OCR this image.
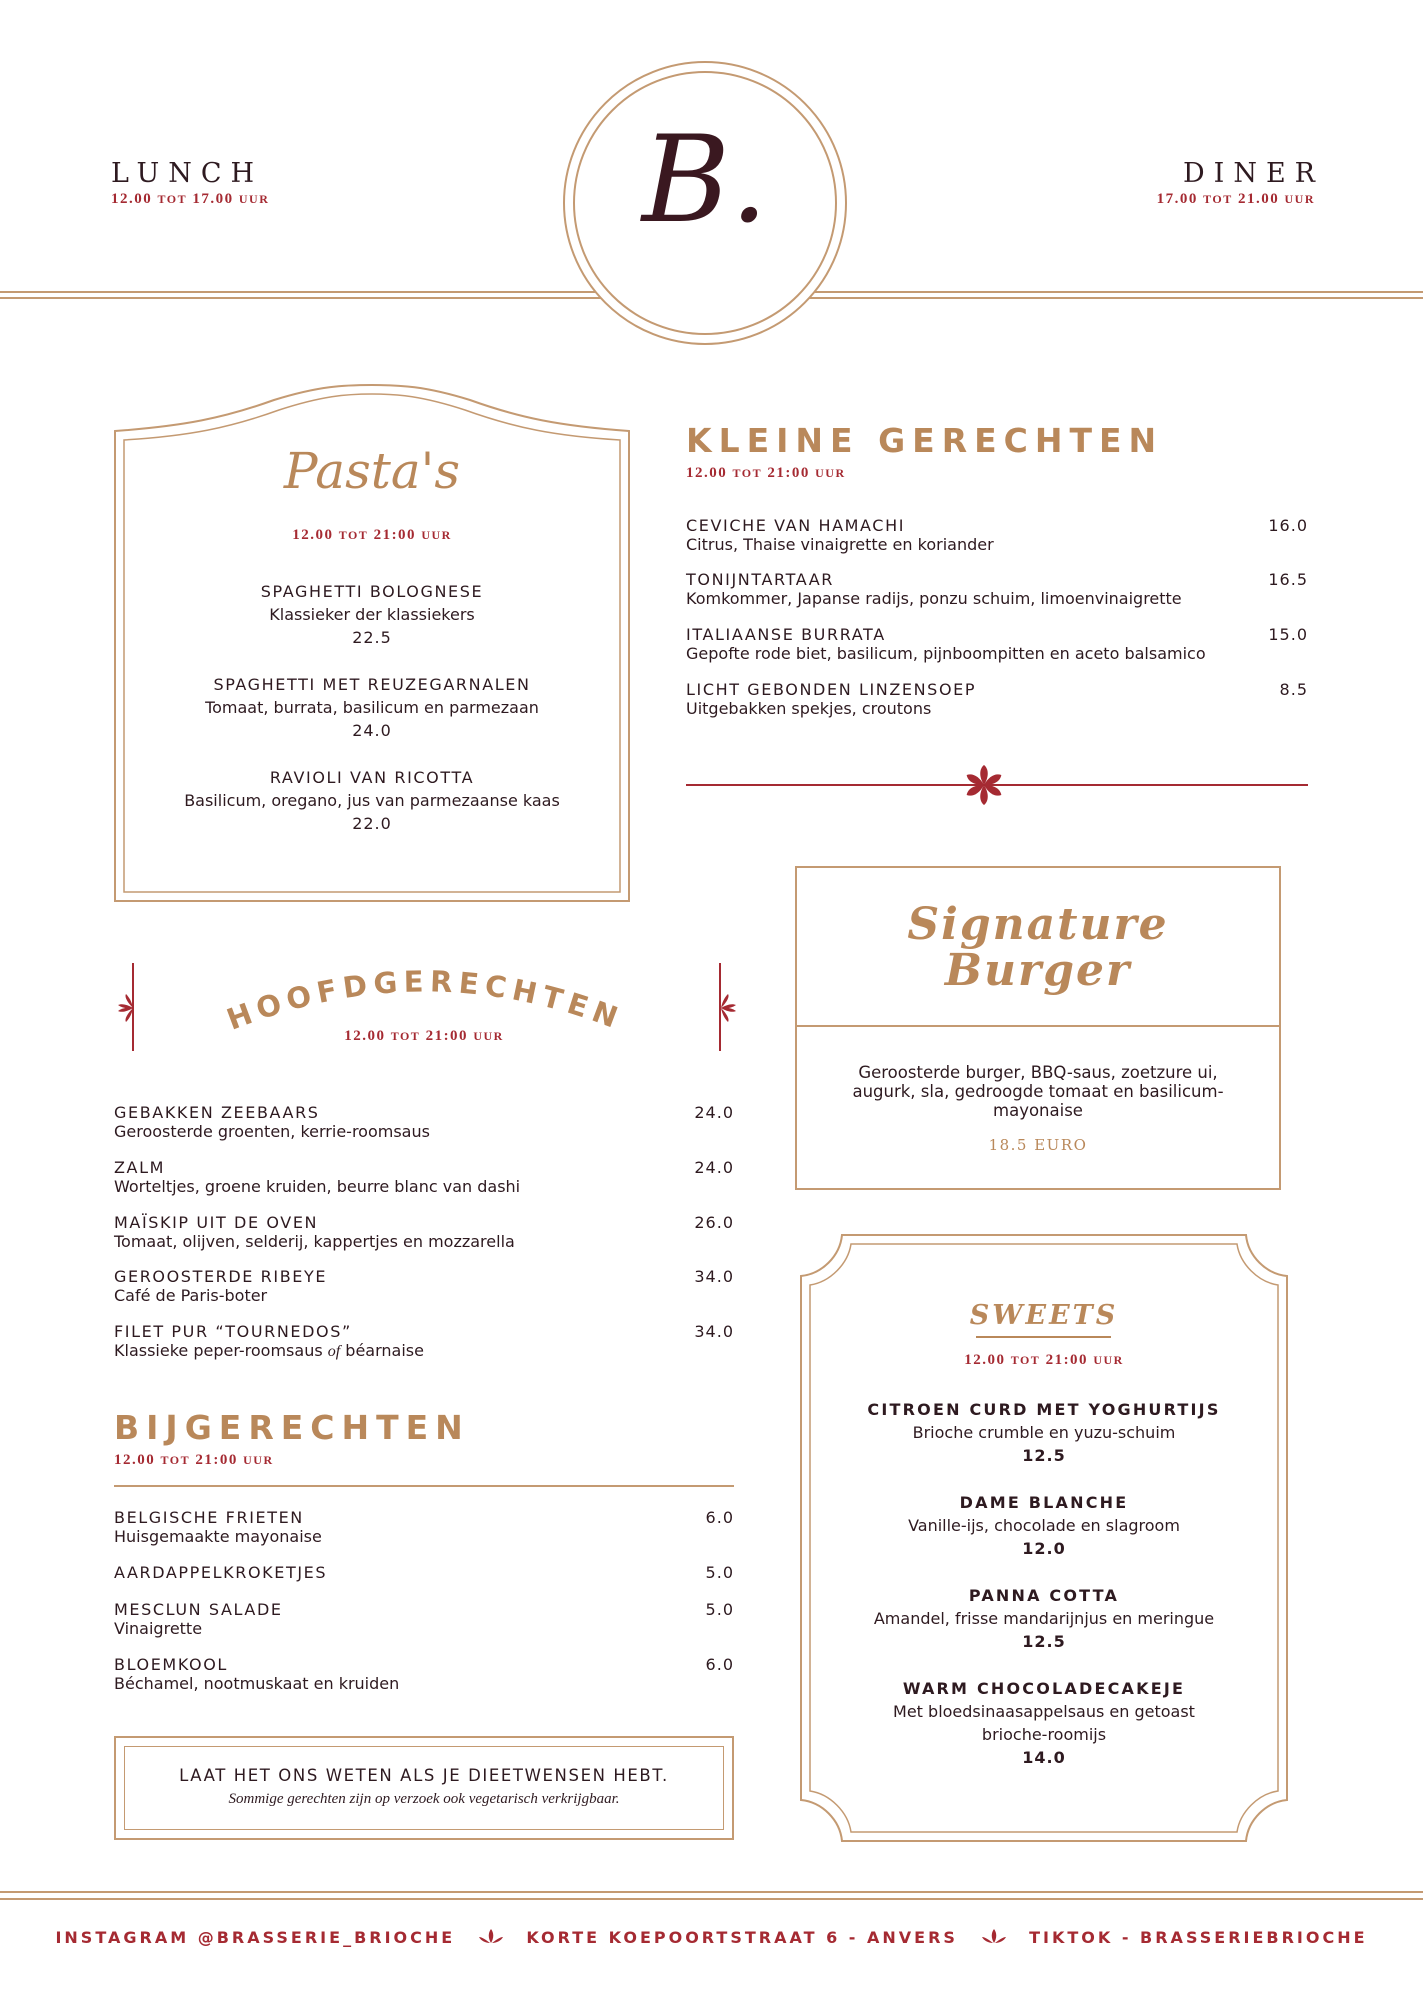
LUNCH
12.00 TOT 17.00 UUR
DINER
17.00 TOT 21.00 UUR
B.
Pasta's
12.00 TOT 21:00 UUR
SPAGHETTI BOLOGNESE
Klassieker der klassiekers
22.5
SPAGHETTI MET REUZEGARNALEN
Tomaat, burrata, basilicum en parmezaan
24.0
RAVIOLI VAN RICOTTA
Basilicum, oregano, jus van parmezaanse kaas
22.0
KLEINE GERECHTEN
12.00 TOT 21:00 UUR
CEVICHE VAN HAMACHI
Citrus, Thaise vinaigrette en koriander
16.0
TONIJNTARTAAR
Komkommer, Japanse radijs, ponzu schuim, limoenvinaigrette
16.5
ITALIAANSE BURRATA
Gepofte rode biet, basilicum, pijnboompitten en aceto balsamico
15.0
LICHT GEBONDEN LINZENSOEP
Uitgebakken spekjes, croutons
8.5
Signature
Burger
Geroosterde burger, BBQ-saus, zoetzure ui, augurk, sla, gedroogde tomaat en basilicum-mayonaise
18.5 EURO
HOOFDGERECHTEN
12.00 TOT 21:00 UUR
GEBAKKEN ZEEBAARS
Geroosterde groenten, kerrie-roomsaus
24.0
ZALM
Worteltjes, groene kruiden, beurre blanc van dashi
24.0
MAÏSKIP UIT DE OVEN
Tomaat, olijven, selderij, kappertjes en mozzarella
26.0
GEROOSTERDE RIBEYE
Café de Paris-boter
34.0
FILET PUR “TOURNEDOS”
Klassieke peper-roomsaus of béarnaise
34.0
BIJGERECHTEN
12.00 TOT 21:00 UUR
BELGISCHE FRIETEN
Huisgemaakte mayonaise
6.0
AARDAPPELKROKETJES	5.0
MESCLUN SALADE
Vinaigrette
5.0
BLOEMKOOL
Béchamel, nootmuskaat en kruiden
6.0
LAAT HET ONS WETEN ALS JE DIEETWENSEN HEBT.
Sommige gerechten zijn op verzoek ook vegetarisch verkrijgbaar.
SWEETS
12.00 TOT 21:00 UUR
CITROEN CURD MET YOGHURTIJS
Brioche crumble en yuzu-schuim
12.5
DAME BLANCHE
Vanille-ijs, chocolade en slagroom
12.0
PANNA COTTA
Amandel, frisse mandarijnjus en meringue
12.5
WARM CHOCOLADECAKEJE
Met bloedsinaasappelsaus en getoast
brioche-roomijs
14.0
INSTAGRAM @BRASSERIE_BRIOCHE	KORTE KOEPOORTSTRAAT 6 - ANVERS	TIKTOK - BRASSERIEBRIOCHE
